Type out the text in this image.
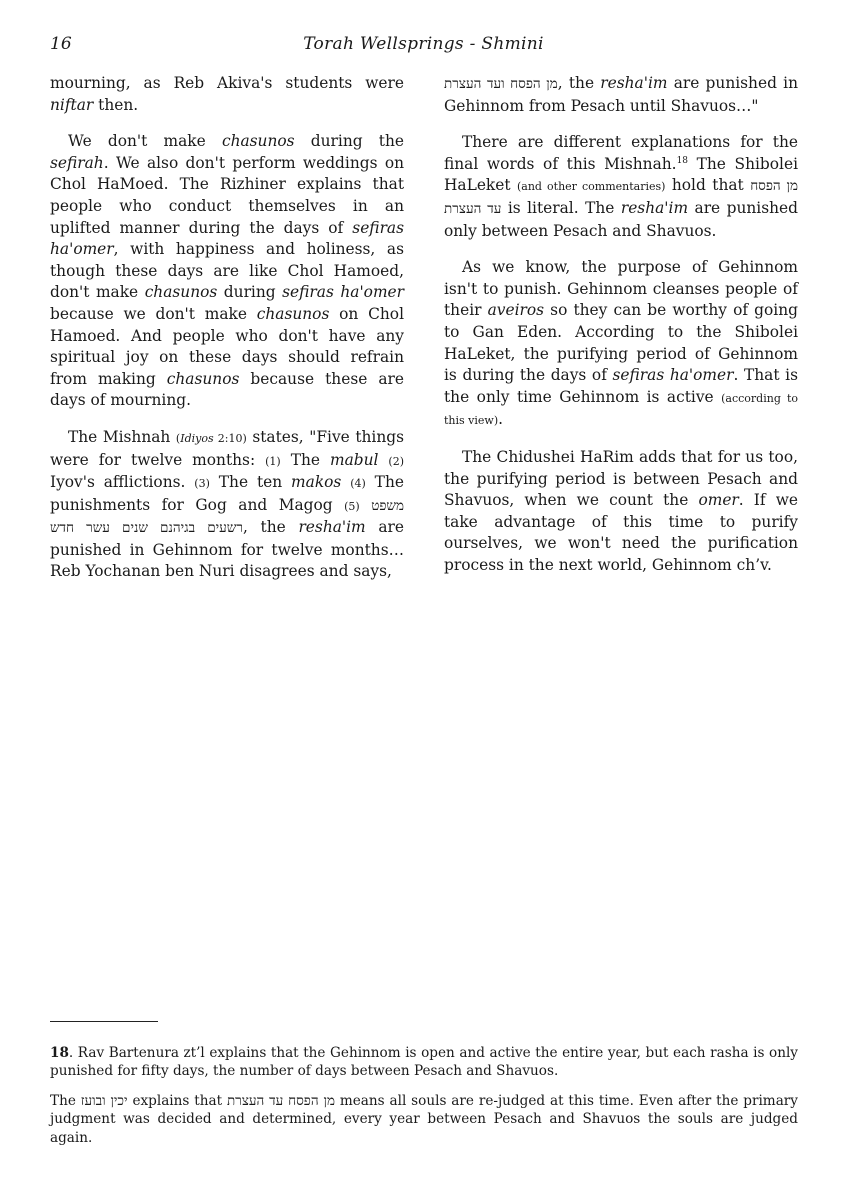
16	Torah Wellsprings - Shmini

mourning, as Reb Akiva's students were niftar then.

We don't make chasunos during the sefirah. We also don't perform weddings on Chol HaMoed. The Rizhiner explains that people who conduct themselves in an uplifted manner during the days of sefiras ha'omer, with happiness and holiness, as though these days are like Chol Hamoed, don't make chasunos during sefiras ha'omer because we don't make chasunos on Chol Hamoed. And people who don't have any spiritual joy on these days should refrain from making chasunos because these are days of mourning.

The Mishnah (Idiyos 2:10) states, "Five things were for twelve months: (1) The mabul (2) Iyov's afflictions. (3) The ten makos (4) The punishments for Gog and Magog (5) משפט רשעים בגיהנם שנים עשר חדש, the resha'im are punished in Gehinnom for twelve months… Reb Yochanan ben Nuri disagrees and says,

מן הפסח ועד העצרת, the resha'im are punished in Gehinnom from Pesach until Shavuos…"

There are different explanations for the final words of this Mishnah.$^{18}$ The Shibolei HaLeket (and other commentaries) hold that מן הפסח עד העצרת is literal. The resha'im are punished only between Pesach and Shavuos.

As we know, the purpose of Gehinnom isn't to punish. Gehinnom cleanses people of their aveiros so they can be worthy of going to Gan Eden. According to the Shibolei HaLeket, the purifying period of Gehinnom is during the days of sefiras ha'omer. That is the only time Gehinnom is active (according to this view).

The Chidushei HaRim adds that for us too, the purifying period is between Pesach and Shavuos, when we count the omer. If we take advantage of this time to purify ourselves, we won't need the purification process in the next world, Gehinnom ch’v.

18. Rav Bartenura zt’l explains that the Gehinnom is open and active the entire year, but each rasha is only punished for fifty days, the number of days between Pesach and Shavuos.

The יכין ובועז explains that מן הפסח עד העצרת means all souls are re-judged at this time. Even after the primary judgment was decided and determined, every year between Pesach and Shavuos the souls are judged again.
